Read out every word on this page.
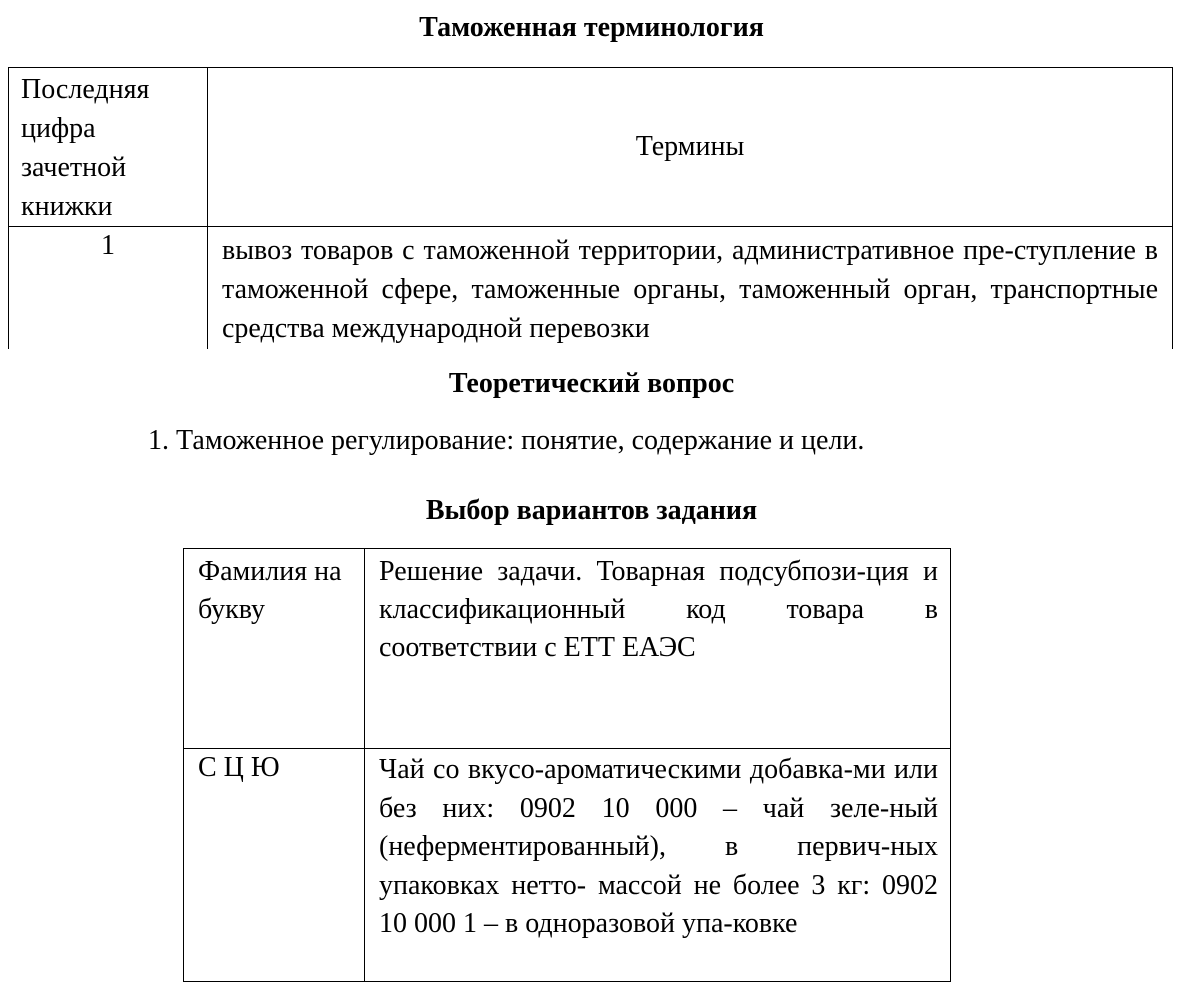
Таможенная терминология
Последняя цифра зачетной книжки	Термины
1	вывоз товаров с таможенной территории, административное пре-ступление в таможенной сфере, таможенные органы, таможенный орган, транспортные средства международной перевозки
Теоретический вопрос
1. Таможенное регулирование: понятие, содержание и цели.
Выбор вариантов задания
Фамилия на букву	Решение задачи. Товарная подсубпози-ция и классификационный код товара в соответствии с ЕТТ ЕАЭС
С Ц Ю	Чай со вкусо-ароматическими добавка-ми или без них: 0902 10 000 – чай зеле-ный (неферментированный), в первич-ных упаковках нетто- массой не более 3 кг: 0902 10 000 1 – в одноразовой упа-ковке
